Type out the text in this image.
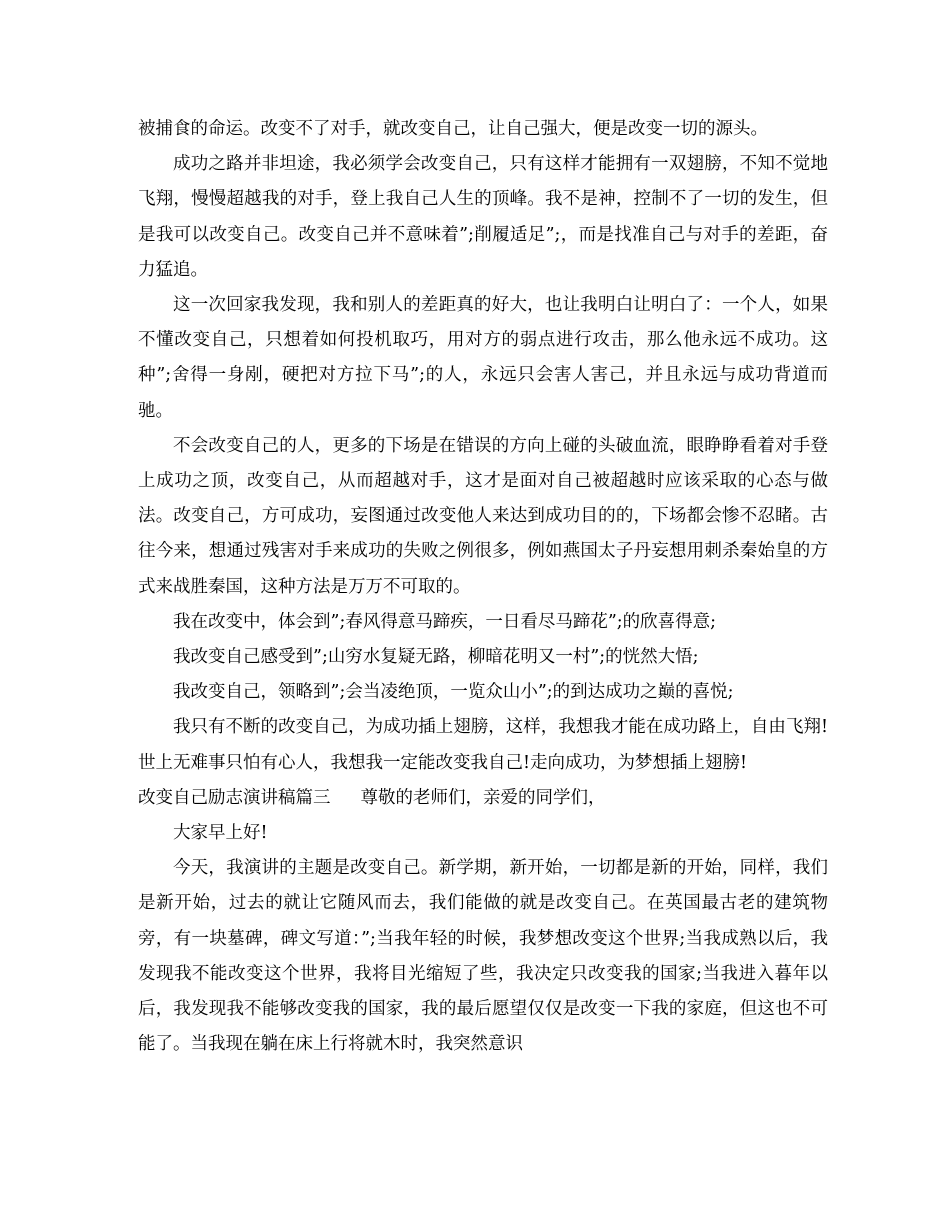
被捕食的命运。改变不了对手，就改变自己，让自己强大，便是改变一切的源头。

成功之路并非坦途，我必须学会改变自己，只有这样才能拥有一双翅膀，不知不觉地飞翔，慢慢超越我的对手，登上我自己人生的顶峰。我不是神，控制不了一切的发生，但是我可以改变自己。改变自己并不意味着”;削履适足”;，而是找准自己与对手的差距，奋力猛追。

这一次回家我发现，我和别人的差距真的好大，也让我明白让明白了：一个人，如果不懂改变自己，只想着如何投机取巧，用对方的弱点进行攻击，那么他永远不成功。这种”;舍得一身剐，硬把对方拉下马”;的人，永远只会害人害己，并且永远与成功背道而驰。

不会改变自己的人，更多的下场是在错误的方向上碰的头破血流，眼睁睁看着对手登上成功之顶，改变自己，从而超越对手，这才是面对自己被超越时应该采取的心态与做法。改变自己，方可成功，妄图通过改变他人来达到成功目的的，下场都会惨不忍睹。古往今来，想通过残害对手来成功的失败之例很多，例如燕国太子丹妄想用刺杀秦始皇的方式来战胜秦国，这种方法是万万不可取的。

我在改变中，体会到”;春风得意马蹄疾，一日看尽马蹄花”;的欣喜得意;

我改变自己感受到”;山穷水复疑无路，柳暗花明又一村”;的恍然大悟;

我改变自己，领略到”;会当凌绝顶，一览众山小”;的到达成功之巅的喜悦;

我只有不断的改变自己，为成功插上翅膀，这样，我想我才能在成功路上，自由飞翔!世上无难事只怕有心人，我想我一定能改变我自己!走向成功，为梦想插上翅膀!

改变自己励志演讲稿篇三 尊敬的老师们，亲爱的同学们，

大家早上好!

今天，我演讲的主题是改变自己。新学期，新开始，一切都是新的开始，同样，我们是新开始，过去的就让它随风而去，我们能做的就是改变自己。在英国最古老的建筑物旁，有一块墓碑，碑文写道：”;当我年轻的时候，我梦想改变这个世界;当我成熟以后，我发现我不能改变这个世界，我将目光缩短了些，我决定只改变我的国家;当我进入暮年以后，我发现我不能够改变我的国家，我的最后愿望仅仅是改变一下我的家庭，但这也不可能了。当我现在躺在床上行将就木时，我突然意识
